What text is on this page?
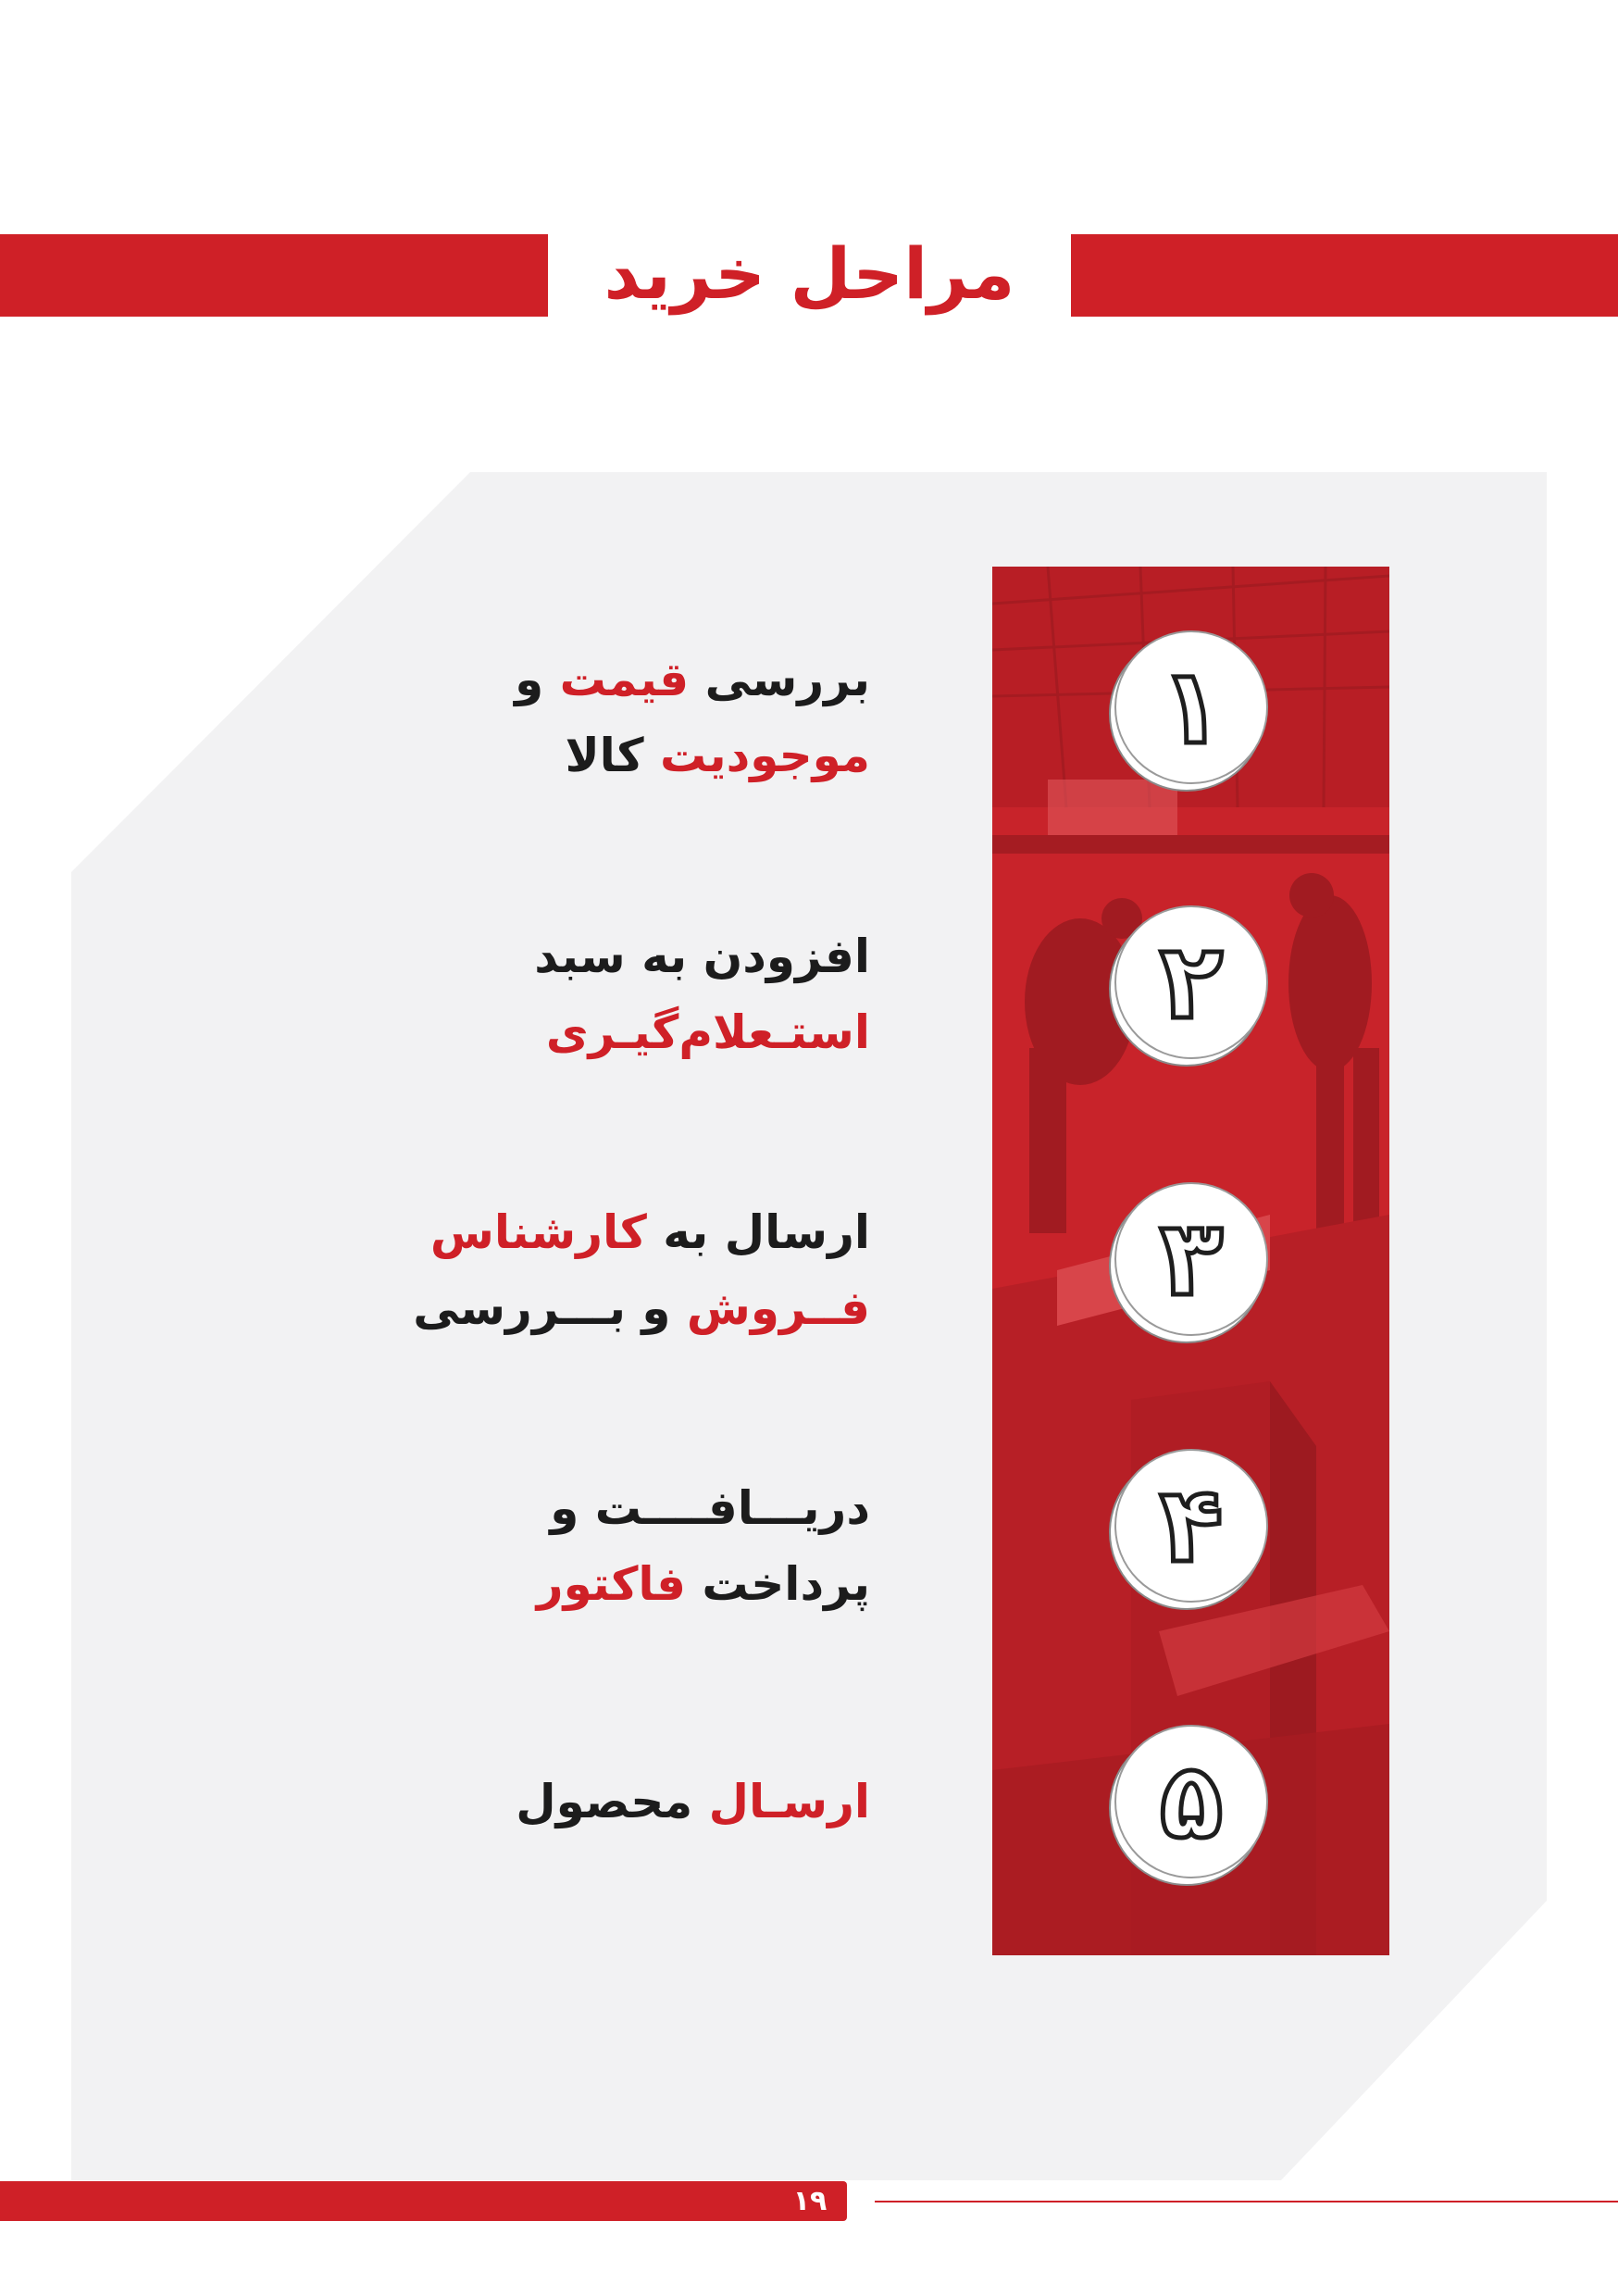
مراحل خرید
۱
۲
۳
۴
۵
بررسی قیمت و
موجودیت کالا
افزودن به سبد
استـعلام‌گیـری
ارسال به کارشناس
فــروش و بـــررسی
دریـــافــــت و
پرداخت فاکتور
ارسـال محصول
۱۹
